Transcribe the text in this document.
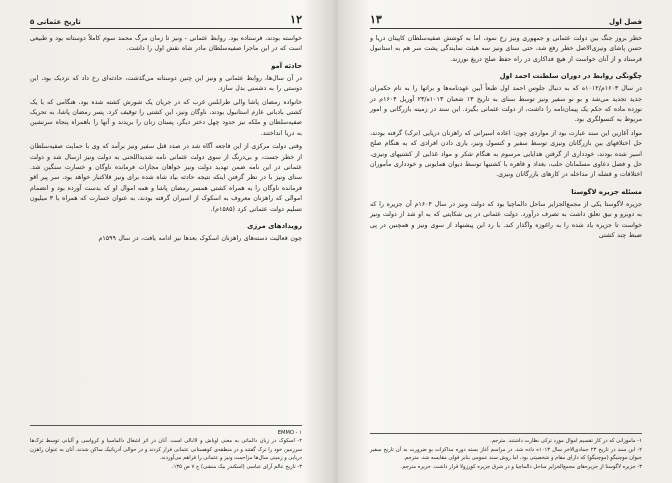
تاریخ عثمانی ۵	۱۲

خواسته بودند، فرستاده بود. روابط عثمانی - ونیز تا زمان مرگ محمد سوم کاملاً دوستانه بود و طبیعی است که در این ماجرا صفیه‌سلطان مادر شاه نقش اول را داشت.

حادثه آمو

در آن سال‌ها، روابط عثمانی و ونیز این چنین دوستانه می‌گذشت، حادثه‌ای رخ داد که نزدیک بود، این دوستی را به دشمنی بدل سازد.

خانواده رمضان پاشا والی طرابلس غرب که در جریان یک شورش کشته شده بود، هنگامی که با یک کشتی بادبانی عازم استانبول بودند، ناوگان ونیز، این کشتی را توقیف کرد. پسر رمضان پاشا، به تحریک صفیه‌سلطان و ملکه نیز حدود چهل دختر دیگر، پستان زنان را بریدند و آنها را باهمراه پنجاه سرنشین به دریا انداختند.

وقتی دولت مرکزی از این فاجعه آگاه شد در صدد قتل سفیر ونیز برآمد که وی با حمایت صفیه‌سلطان از خطر جست، و بی‌درنگ از سوی دولت عثمانی نامه شدیداللحنی به دولت ونیز ارسال شد و دولت عثمانی در این نامه ضمن تهدید دولت ونیز خواهان مجازات فرمانده ناوگان و خسارت سنگین شد. سنای ونیز با در نظر گرفتن اینکه نتیجه حادثه بیاد شاه شده برای ونیز قلاکتبار خواهد بود، سر پیر اقو فرمانده ناوگان را به همراه کشتی همسر رمضان پاشا و همه اموال او که بدست آورده بود و انضمام اموالی که راهزنان معروف به اسکوک از اسیران گرفته بودند، به عنوان خسارت که همراه با ۳ میلیون تسلیم دولت عثمانی کرد (۱۵۸۵م).

رویدادهای مرزی

چون فعالیت دسته‌های راهزنان اسکوک بعدها نیز ادامه یافت، در سال ۱۵۹۹م

EMMO - ۱

۲- اسکوک در زبان دالماتی به معنی اوباش و لاابالی است. آنان در اثر اشغال دالماسیا و کرواسی و آلبانی توسط ترک‌ها سرزمین خود را ترک گفتند و در منطقه‌ی کوهستانی عثمانی فرار کردند و در حوالی آدریاتیک ساکن شدند. آنان به عنوان راهزن دریایی و زمینی سال‌ها مزاحمت ونیز و عثمانی را فراهم می‌آوردند.

۳- تاریخ عالم آرای عباسی (اسکندر بیک منشی) ج ۷ ص ۱۳۵.

۱۳	فصل اول

خطر بروز جنگ بین دولت عثمانی و جمهوری ونیز رخ نمود، اما به کوشش صفیه‌سلطان کاپیتان دریا و حسن پاشای ونیزی‌الاصل خطر رفع شد، حتی سنای ونیز سه هیئت نمایندگی پشت سر هم به استانبول فرستاد و از آنان خواست از هیچ فداکاری در راه حفظ صلح دریغ نورزند.

چگونگی روابط در دوران سلطنت احمد اول

در سال ۱۶۰۳م/۱۰۱۲ه که به دنبال جلوس احمد اول طبعاً آیین عهدنامه‌ها و براتها را به نام حکمران جدید تجدید می‌شد و بو نو سفیر ونیز توسط سنای به تاریخ ۱۳ شعبان ۱۰۱۳ه/۲۳ آوریل ۱۶۰۴م در نوزده ماده که حکم یک پیمان‌نامه را داشت، از دولت عثمانی بگیرد. این سند در زمینه بازرگانی و امور مربوط به کنسولگری بود.

مواد آغازین این سند عبارت بود از مواردی چون: اعاده اسیرانی که راهزنان دریایی (ترک) گرفته بودند، حل اختلافهای بین بازرگانان ونیزی توسط سفیر و کنسول ونیز، یاری دادن افرادی که به هنگام صلح اسیر شده بودند، خودداری از گرفتن هدایایی مرسوم به هنگام شکر و مواد غذایی از کشتیهای ونیزی، حل و فصل دعاوی مسلمانان حلب، بغداد و قاهره با کشتیها توسط دیوان همایونی و خودداری مأموران اختلافات و قشله از مداخله در کارهای بازرگانان ونیزی.

مسئله جزیره لاگوستا

جزیره لاگوستا یکی از مجمع‌الجزایر ساحل دالماچیا بود که دولت ونیز در سال ۱۶۰۴م آن جزیره را که به دوبرو و نیق تعلق داشت به تصرف درآورد. دولت عثمانی در پی شکایتی که به او شد از دولت ونیز خواست تا جزیره یاد شده را به راغوزه واگذار کند. با رد این پیشنهاد از سوی ونیز و همچنین در پی ضبط چند کشتی

۱- ماموزانی که در کار تقسیم اموال مورد ترکی نظارت داشتند. مترجم.

۲- این سند در تاریخ ۲۳ جمادی‌الاخر سال ۱۰۱۳ه داده شد. در مراسم آغاز بسته دوره مذاکرات بو ضرورت به آن تاریخ سفیر جیوان موچنیگو (موچنیگو) که دارای مقام و شخصیتی بود، اما روش سند عمومی بنابر قولی مقایسه شد. مترجم.

۳- جزیره لاگوستا از جزیره‌های مجمع‌الجزایر ساحل دالماچیا و در شرق جزیره کورزولا قرار داشت. جزیره مترجم.
